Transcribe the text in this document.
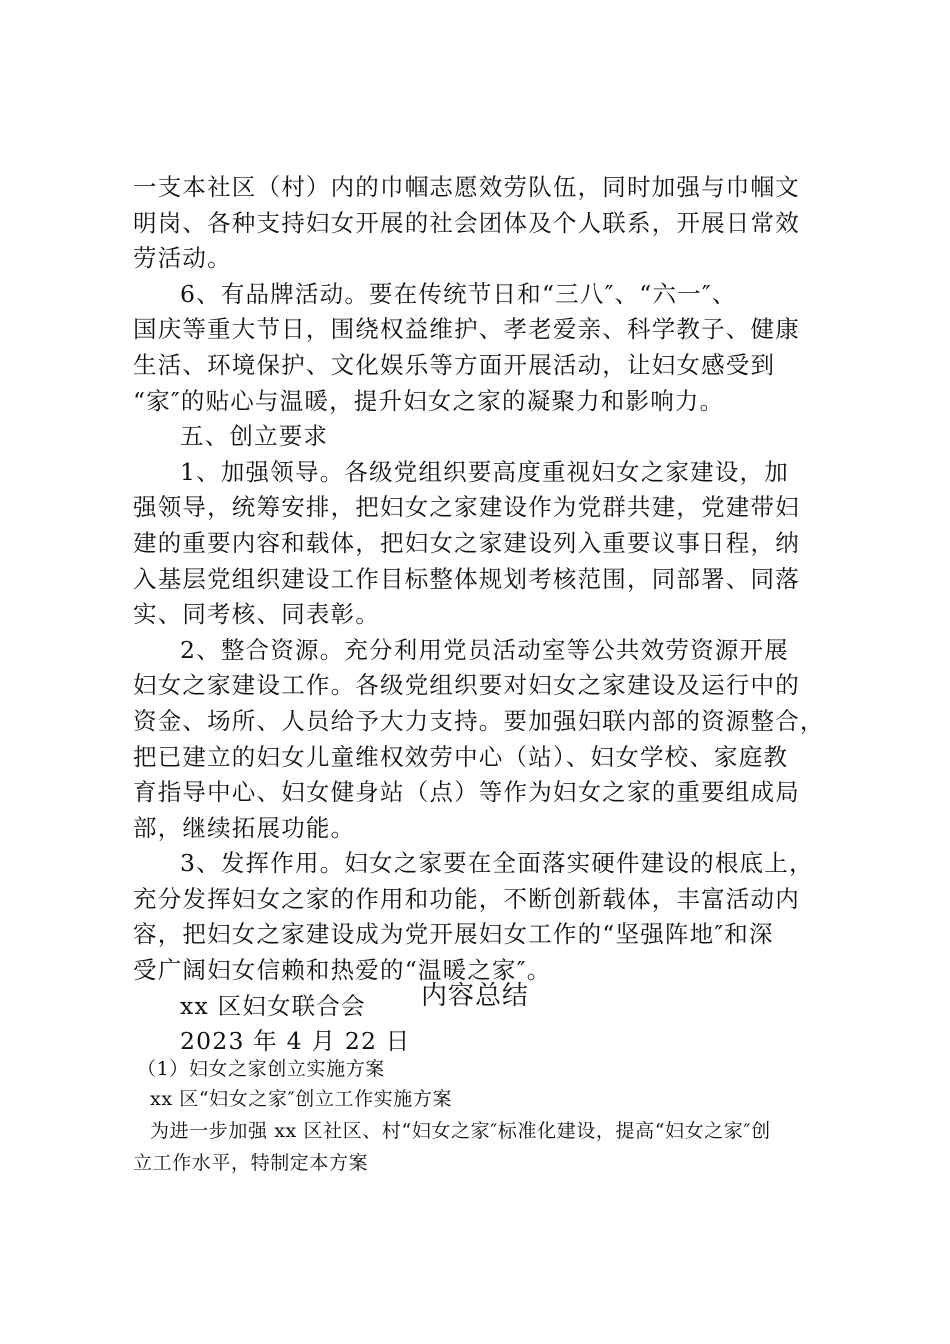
一支本社区（村）内的巾帼志愿效劳队伍，同时加强与巾帼文
明岗、各种支持妇女开展的社会团体及个人联系，开展日常效
劳活动。
6、有品牌活动。要在传统节日和“三八″、“六一″、
国庆等重大节日，围绕权益维护、孝老爱亲、科学教子、健康
生活、环境保护、文化娱乐等方面开展活动，让妇女感受到
“家″的贴心与温暖，提升妇女之家的凝聚力和影响力。
五、创立要求
1、加强领导。各级党组织要高度重视妇女之家建设，加
强领导，统筹安排，把妇女之家建设作为党群共建，党建带妇
建的重要内容和载体，把妇女之家建设列入重要议事日程，纳
入基层党组织建设工作目标整体规划考核范围，同部署、同落
实、同考核、同表彰。
2、整合资源。充分利用党员活动室等公共效劳资源开展
妇女之家建设工作。各级党组织要对妇女之家建设及运行中的
资金、场所、人员给予大力支持。要加强妇联内部的资源整合，
把已建立的妇女儿童维权效劳中心（站）、妇女学校、家庭教
育指导中心、妇女健身站（点）等作为妇女之家的重要组成局
部，继续拓展功能。
3、发挥作用。妇女之家要在全面落实硬件建设的根底上，
充分发挥妇女之家的作用和功能，不断创新载体，丰富活动内
容，把妇女之家建设成为党开展妇女工作的“坚强阵地″和深
受广阔妇女信赖和热爱的“温暖之家″。
xx 区妇女联合会
2023 年 4 月 22 日
内容总结
（1）妇女之家创立实施方案
xx 区“妇女之家″创立工作实施方案
为进一步加强 xx 区社区、村“妇女之家″标准化建设，提高“妇女之家″创
立工作水平，特制定本方案
